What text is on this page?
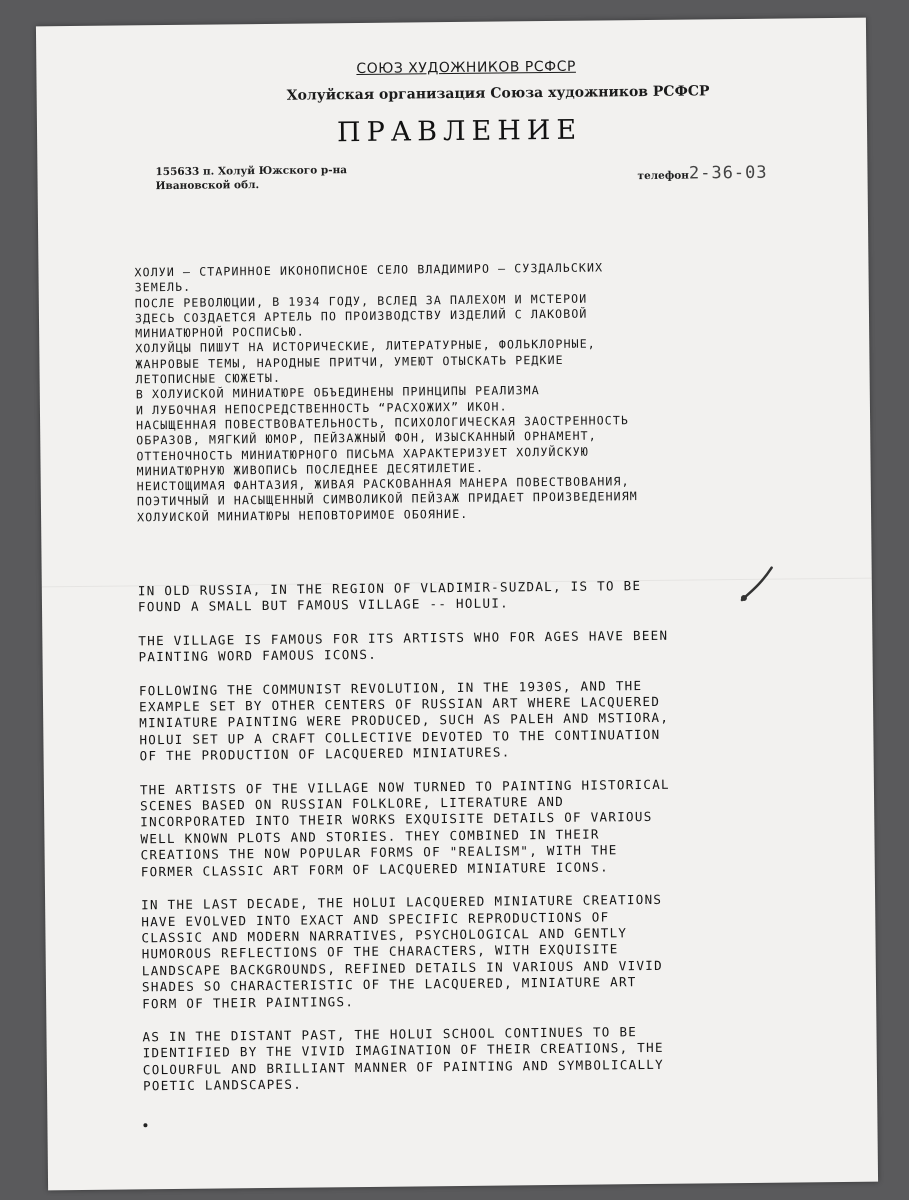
СОЮЗ ХУДОЖНИКОВ РСФСР
Холуйская организация Союза художников РСФСР
ПРАВЛЕНИЕ
155633 п. Холуй Южского р-на
Ивановской обл.
телефон2-36-03

ХОЛУИ – СТАРИННОЕ ИКОНОПИСНОЕ СЕЛО ВЛАДИМИРО – СУЗДАЛЬСКИХ

ЗЕМЕЛЬ.

ПОСЛЕ РЕВОЛЮЦИИ, В 1934 ГОДУ, ВСЛЕД ЗА ПАЛЕХОМ И МСТЕРОИ

ЗДЕСЬ СОЗДАЕТСЯ АРТЕЛЬ ПО ПРОИЗВОДСТВУ ИЗДЕЛИЙ С ЛАКОВОЙ

МИНИАТЮРНОЙ РОСПИСЬЮ.

ХОЛУЙЦЫ ПИШУТ НА ИСТОРИЧЕСКИЕ, ЛИТЕРАТУРНЫЕ, ФОЛЬКЛОРНЫЕ,

ЖАНРОВЫЕ ТЕМЫ, НАРОДНЫЕ ПРИТЧИ, УМЕЮТ ОТЫСКАТЬ РЕДКИЕ

ЛЕТОПИСНЫЕ СЮЖЕТЫ.

В ХОЛУИСКОЙ МИНИАТЮРЕ ОБЪЕДИНЕНЫ ПРИНЦИПЫ РЕАЛИЗМА

И ЛУБОЧНАЯ НЕПОСРЕДСТВЕННОСТЬ “РАСХОЖИХ” ИКОН.

НАСЫЩЕННАЯ ПОВЕСТВОВАТЕЛЬНОСТЬ, ПСИХОЛОГИЧЕСКАЯ ЗАОСТРЕННОСТЬ

ОБРАЗОВ, МЯГКИЙ ЮМОР, ПЕЙЗАЖНЫЙ ФОН, ИЗЫСКАННЫЙ ОРНАМЕНТ,

ОТТЕНОЧНОСТЬ МИНИАТЮРНОГО ПИСЬМА ХАРАКТЕРИЗУЕТ ХОЛУЙСКУЮ

МИНИАТЮРНУЮ ЖИВОПИСЬ ПОСЛЕДНЕЕ ДЕСЯТИЛЕТИЕ.

НЕИСТОЩИМАЯ ФАНТАЗИЯ, ЖИВАЯ РАСКОВАННАЯ МАНЕРА ПОВЕСТВОВАНИЯ,

ПОЭТИЧНЫЙ И НАСЫЩЕННЫЙ СИМВОЛИКОЙ ПЕЙЗАЖ ПРИДАЕТ ПРОИЗВЕДЕНИЯМ

ХОЛУИСКОЙ МИНИАТЮРЫ НЕПОВТОРИМОЕ ОБОЯНИЕ.

IN OLD RUSSIA, IN THE REGION OF VLADIMIR-SUZDAL, IS TO BE
FOUND A SMALL BUT FAMOUS VILLAGE -- HOLUI.

THE VILLAGE IS FAMOUS FOR ITS ARTISTS WHO FOR AGES HAVE BEEN
PAINTING WORD FAMOUS ICONS.

FOLLOWING THE COMMUNIST REVOLUTION, IN THE 1930S, AND THE
EXAMPLE SET BY OTHER CENTERS OF RUSSIAN ART WHERE LACQUERED
MINIATURE PAINTING WERE PRODUCED, SUCH AS PALEH AND MSTIORA,
HOLUI SET UP A CRAFT COLLECTIVE DEVOTED TO THE CONTINUATION
OF THE PRODUCTION OF LACQUERED MINIATURES.

THE ARTISTS OF THE VILLAGE NOW TURNED TO PAINTING HISTORICAL
SCENES BASED ON RUSSIAN FOLKLORE, LITERATURE AND
INCORPORATED INTO THEIR WORKS EXQUISITE DETAILS OF VARIOUS
WELL KNOWN PLOTS AND STORIES. THEY COMBINED IN THEIR
CREATIONS THE NOW POPULAR FORMS OF "REALISM", WITH THE
FORMER CLASSIC ART FORM OF LACQUERED MINIATURE ICONS.

IN THE LAST DECADE, THE HOLUI LACQUERED MINIATURE CREATIONS
HAVE EVOLVED INTO EXACT AND SPECIFIC REPRODUCTIONS OF
CLASSIC AND MODERN NARRATIVES, PSYCHOLOGICAL AND GENTLY
HUMOROUS REFLECTIONS OF THE CHARACTERS, WITH EXQUISITE
LANDSCAPE BACKGROUNDS, REFINED DETAILS IN VARIOUS AND VIVID
SHADES SO CHARACTERISTIC OF THE LACQUERED, MINIATURE ART
FORM OF THEIR PAINTINGS.

AS IN THE DISTANT PAST, THE HOLUI SCHOOL CONTINUES TO BE
IDENTIFIED BY THE VIVID IMAGINATION OF THEIR CREATIONS, THE
COLOURFUL AND BRILLIANT MANNER OF PAINTING AND SYMBOLICALLY
POETIC LANDSCAPES.
